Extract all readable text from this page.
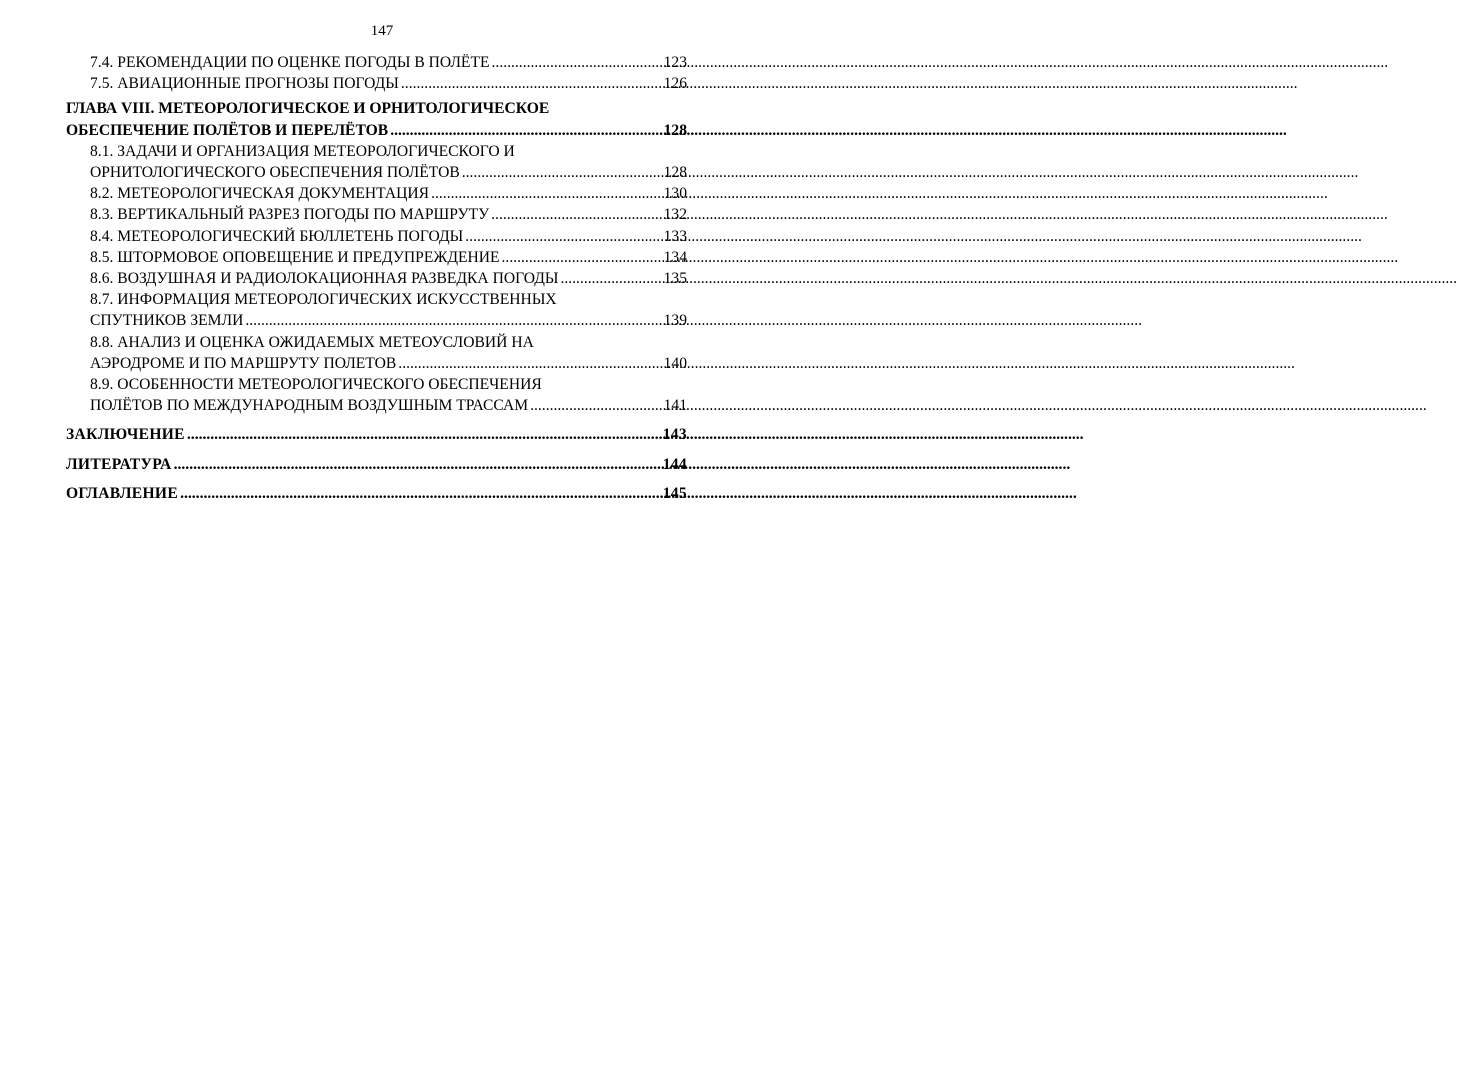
147
7.4. РЕКОМЕНДАЦИИ ПО ОЦЕНКЕ ПОГОДЫ В ПОЛЁТЕ .....	123
7.5. АВИАЦИОННЫЕ ПРОГНОЗЫ ПОГОДЫ .....	126
ГЛАВА VIII. МЕТЕОРОЛОГИЧЕСКОЕ И ОРНИТОЛОГИЧЕСКОЕ
ОБЕСПЕЧЕНИЕ ПОЛЁТОВ И ПЕРЕЛЁТОВ .....	128
8.1. ЗАДАЧИ И ОРГАНИЗАЦИЯ МЕТЕОРОЛОГИЧЕСКОГО И
ОРНИТОЛОГИЧЕСКОГО ОБЕСПЕЧЕНИЯ ПОЛЁТОВ .....	128
8.2. МЕТЕОРОЛОГИЧЕСКАЯ ДОКУМЕНТАЦИЯ .....	130
8.3. ВЕРТИКАЛЬНЫЙ РАЗРЕЗ ПОГОДЫ ПО МАРШРУТУ .....	132
8.4. МЕТЕОРОЛОГИЧЕСКИЙ БЮЛЛЕТЕНЬ ПОГОДЫ .....	133
8.5. ШТОРМОВОЕ ОПОВЕЩЕНИЕ И ПРЕДУПРЕЖДЕНИЕ .....	134
8.6. ВОЗДУШНАЯ И РАДИОЛОКАЦИОННАЯ РАЗВЕДКА ПОГОДЫ .....	135
8.7. ИНФОРМАЦИЯ МЕТЕОРОЛОГИЧЕСКИХ ИСКУССТВЕННЫХ
СПУТНИКОВ ЗЕМЛИ .....	139
8.8. АНАЛИЗ И ОЦЕНКА ОЖИДАЕМЫХ МЕТЕОУСЛОВИЙ НА
АЭРОДРОМЕ И ПО МАРШРУТУ ПОЛЕТОВ .....	140
8.9. ОСОБЕННОСТИ МЕТЕОРОЛОГИЧЕСКОГО ОБЕСПЕЧЕНИЯ
ПОЛЁТОВ ПО МЕЖДУНАРОДНЫМ ВОЗДУШНЫМ ТРАССАМ .....	141
ЗАКЛЮЧЕНИЕ .....	143
ЛИТЕРАТУРА .....	144
ОГЛАВЛЕНИЕ .....	145
